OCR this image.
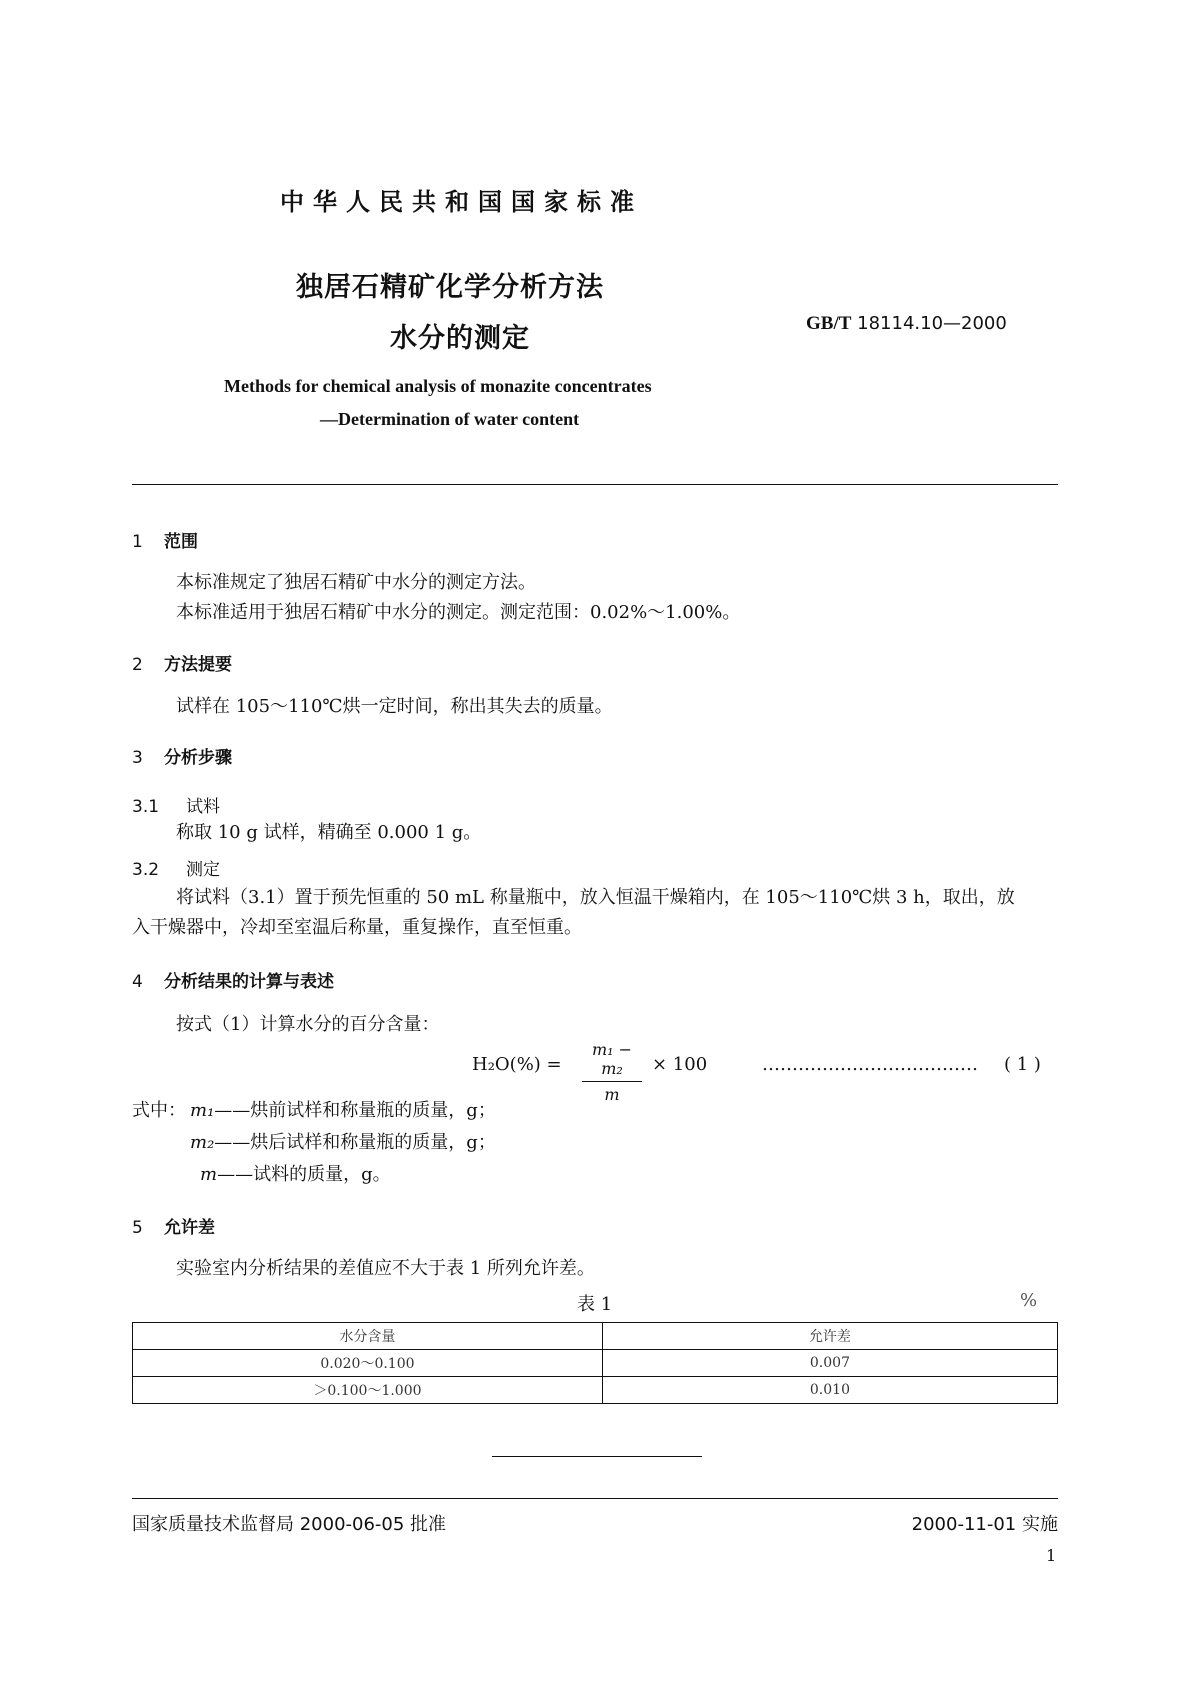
中华人民共和国国家标准
独居石精矿化学分析方法
水分的测定	GB/T 18114.10—2000
Methods for chemical analysis of monazite concentrates
—Determination of water content
1 范围
本标准规定了独居石精矿中水分的测定方法。
本标准适用于独居石精矿中水分的测定。测定范围：0.02%～1.00%。
2 方法提要
试样在 105～110℃烘一定时间，称出其失去的质量。
3 分析步骤
3.1 试料
称取 10 g 试样，精确至 0.000 1 g。
3.2 测定
将试料（3.1）置于预先恒重的 50 mL 称量瓶中，放入恒温干燥箱内，在 105～110℃烘 3 h，取出，放
入干燥器中，冷却至室温后称量，重复操作，直至恒重。
4 分析结果的计算与表述
按式（1）计算水分的百分含量：
H₂O(%) =
m₁ − m₂
m
× 100	……………………………… ( 1 )
式中： m₁——烘前试样和称量瓶的质量，g；
m₂——烘后试样和称量瓶的质量，g；
m——试料的质量，g。
5 允许差
实验室内分析结果的差值应不大于表 1 所列允许差。
表 1	%
水分含量	允许差
0.020～0.100	0.007
＞0.100～1.000	0.010
国家质量技术监督局 2000-06-05 批准	2000-11-01 实施
1
